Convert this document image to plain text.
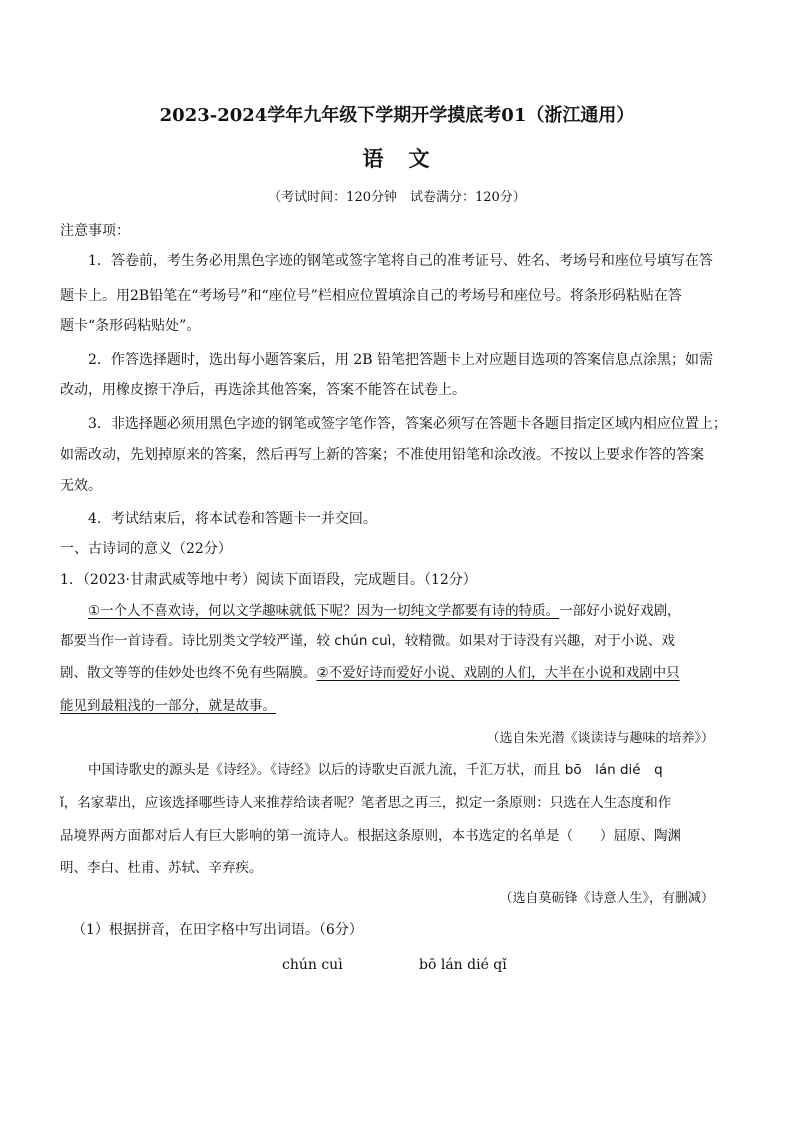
2023-2024学年九年级下学期开学摸底考01（浙江通用）
语　文
（考试时间：120分钟　试卷满分：120分）
注意事项：
1．答卷前，考生务必用黑色字迹的钢笔或签字笔将自己的准考证号、姓名、考场号和座位号填写在答
题卡上。用2B铅笔在“考场号”和“座位号”栏相应位置填涂自己的考场号和座位号。将条形码粘贴在答
题卡“条形码粘贴处”。
2．作答选择题时，选出每小题答案后，用 2B 铅笔把答题卡上对应题目选项的答案信息点涂黑；如需
改动，用橡皮擦干净后，再选涂其他答案，答案不能答在试卷上。
3．非选择题必须用黑色字迹的钢笔或签字笔作答，答案必须写在答题卡各题目指定区域内相应位置上；
如需改动，先划掉原来的答案，然后再写上新的答案；不准使用铅笔和涂改液。不按以上要求作答的答案
无效。
4．考试结束后，将本试卷和答题卡一并交回。
一、古诗词的意义（22分）
1．（2023·甘肃武威等地中考）阅读下面语段，完成题目。（12分）
①一个人不喜欢诗，何以文学趣味就低下呢？因为一切纯文学都要有诗的特质。一部好小说好戏剧，
都要当作一首诗看。诗比别类文学较严谨，较 chún cuì，较精微。如果对于诗没有兴趣，对于小说、戏
剧、散文等等的佳妙处也终不免有些隔膜。②不爱好诗而爱好小说、戏剧的人们，大半在小说和戏剧中只
能见到最粗浅的一部分，就是故事。
（选自朱光潜《谈读诗与趣味的培养》）
中国诗歌史的源头是《诗经》。《诗经》以后的诗歌史百派九流，千汇万状，而且 bō　lán dié　q
ǐ，名家辈出，应该选择哪些诗人来推荐给读者呢？笔者思之再三，拟定一条原则：只选在人生态度和作
品境界两方面都对后人有巨大影响的第一流诗人。根据这条原则，本书选定的名单是（　　）屈原、陶渊
明、李白、杜甫、苏轼、辛弃疾。
（选自莫砺锋《诗意人生》，有删减）
（1）根据拼音，在田字格中写出词语。（6分）
chún cuì	bō lán dié qǐ
